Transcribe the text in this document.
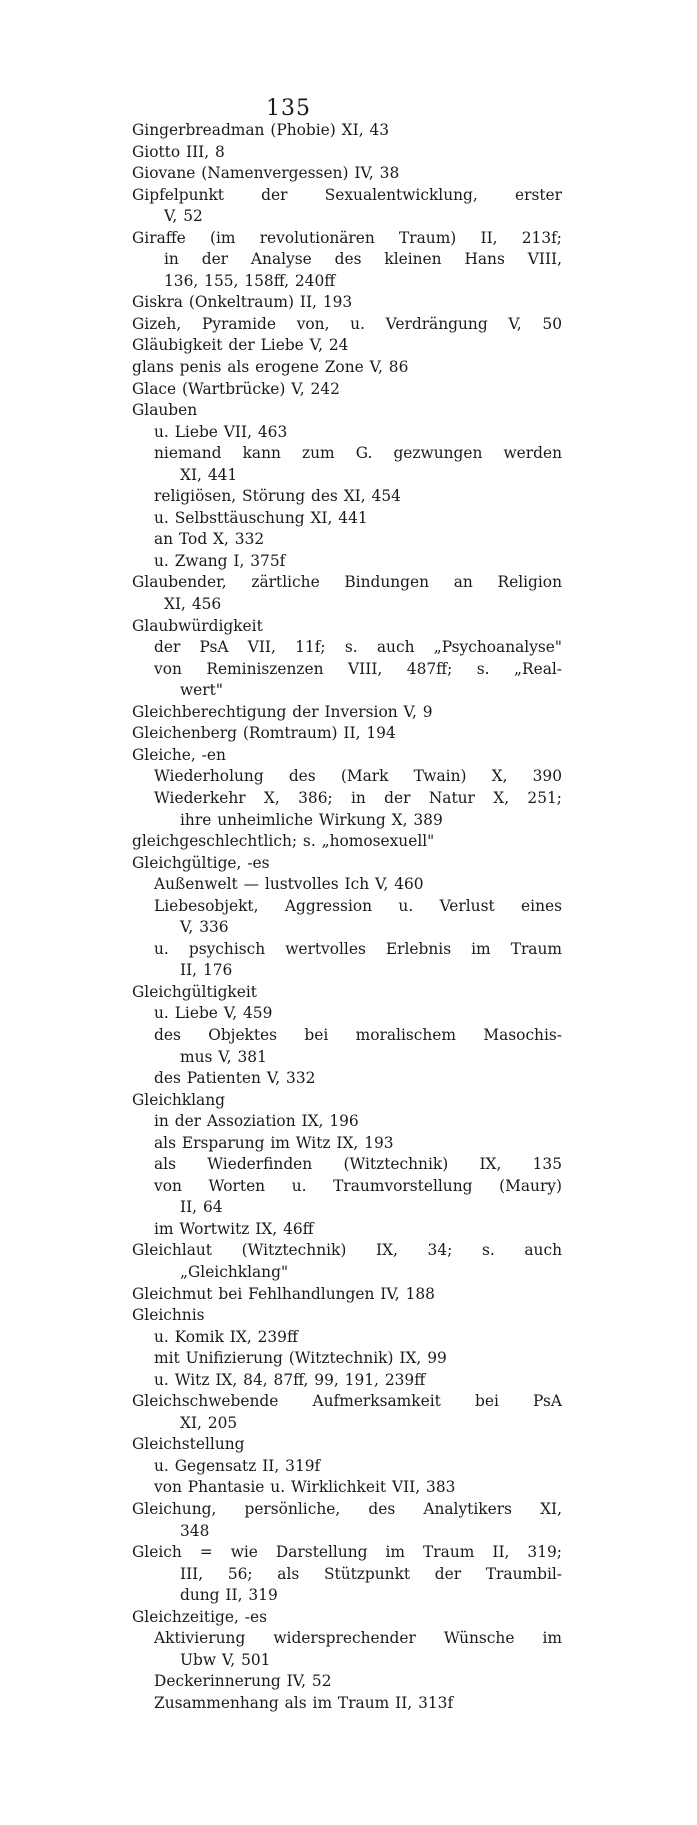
135
Gingerbreadman (Phobie) XI, 43
Giotto III, 8
Giovane (Namenvergessen) IV, 38
Gipfelpunkt der Sexualentwicklung, erster
V, 52
Giraffe (im revolutionären Traum) II, 213f;
in der Analyse des kleinen Hans VIII,
136, 155, 158ff, 240ff
Giskra (Onkeltraum) II, 193
Gizeh, Pyramide von, u. Verdrängung V, 50
Gläubigkeit der Liebe V, 24
glans penis als erogene Zone V, 86
Glace (Wartbrücke) V, 242
Glauben
u. Liebe VII, 463
niemand kann zum G. gezwungen werden
XI, 441
religiösen, Störung des XI, 454
u. Selbsttäuschung XI, 441
an Tod X, 332
u. Zwang I, 375f
Glaubender, zärtliche Bindungen an Religion
XI, 456
Glaubwürdigkeit
der PsA VII, 11f; s. auch „Psychoanalyse"
von Reminiszenzen VIII, 487ff; s. „Real-
wert"
Gleichberechtigung der Inversion V, 9
Gleichenberg (Romtraum) II, 194
Gleiche, -en
Wiederholung des (Mark Twain) X, 390
Wiederkehr X, 386; in der Natur X, 251;
ihre unheimliche Wirkung X, 389
gleichgeschlechtlich; s. „homosexuell"
Gleichgültige, -es
Außenwelt — lustvolles Ich V, 460
Liebesobjekt, Aggression u. Verlust eines
V, 336
u. psychisch wertvolles Erlebnis im Traum
II, 176
Gleichgültigkeit
u. Liebe V, 459
des Objektes bei moralischem Masochis-
mus V, 381
des Patienten V, 332
Gleichklang
in der Assoziation IX, 196
als Ersparung im Witz IX, 193
als Wiederfinden (Witztechnik) IX, 135
von Worten u. Traumvorstellung (Maury)
II, 64
im Wortwitz IX, 46ff
Gleichlaut (Witztechnik) IX, 34; s. auch
„Gleichklang"
Gleichmut bei Fehlhandlungen IV, 188
Gleichnis
u. Komik IX, 239ff
mit Unifizierung (Witztechnik) IX, 99
u. Witz IX, 84, 87ff, 99, 191, 239ff
Gleichschwebende Aufmerksamkeit bei PsA
XI, 205
Gleichstellung
u. Gegensatz II, 319f
von Phantasie u. Wirklichkeit VII, 383
Gleichung, persönliche, des Analytikers XI,
348
Gleich = wie Darstellung im Traum II, 319;
III, 56; als Stützpunkt der Traumbil-
dung II, 319
Gleichzeitige, -es
Aktivierung widersprechender Wünsche im
Ubw V, 501
Deckerinnerung IV, 52
Zusammenhang als im Traum II, 313f
